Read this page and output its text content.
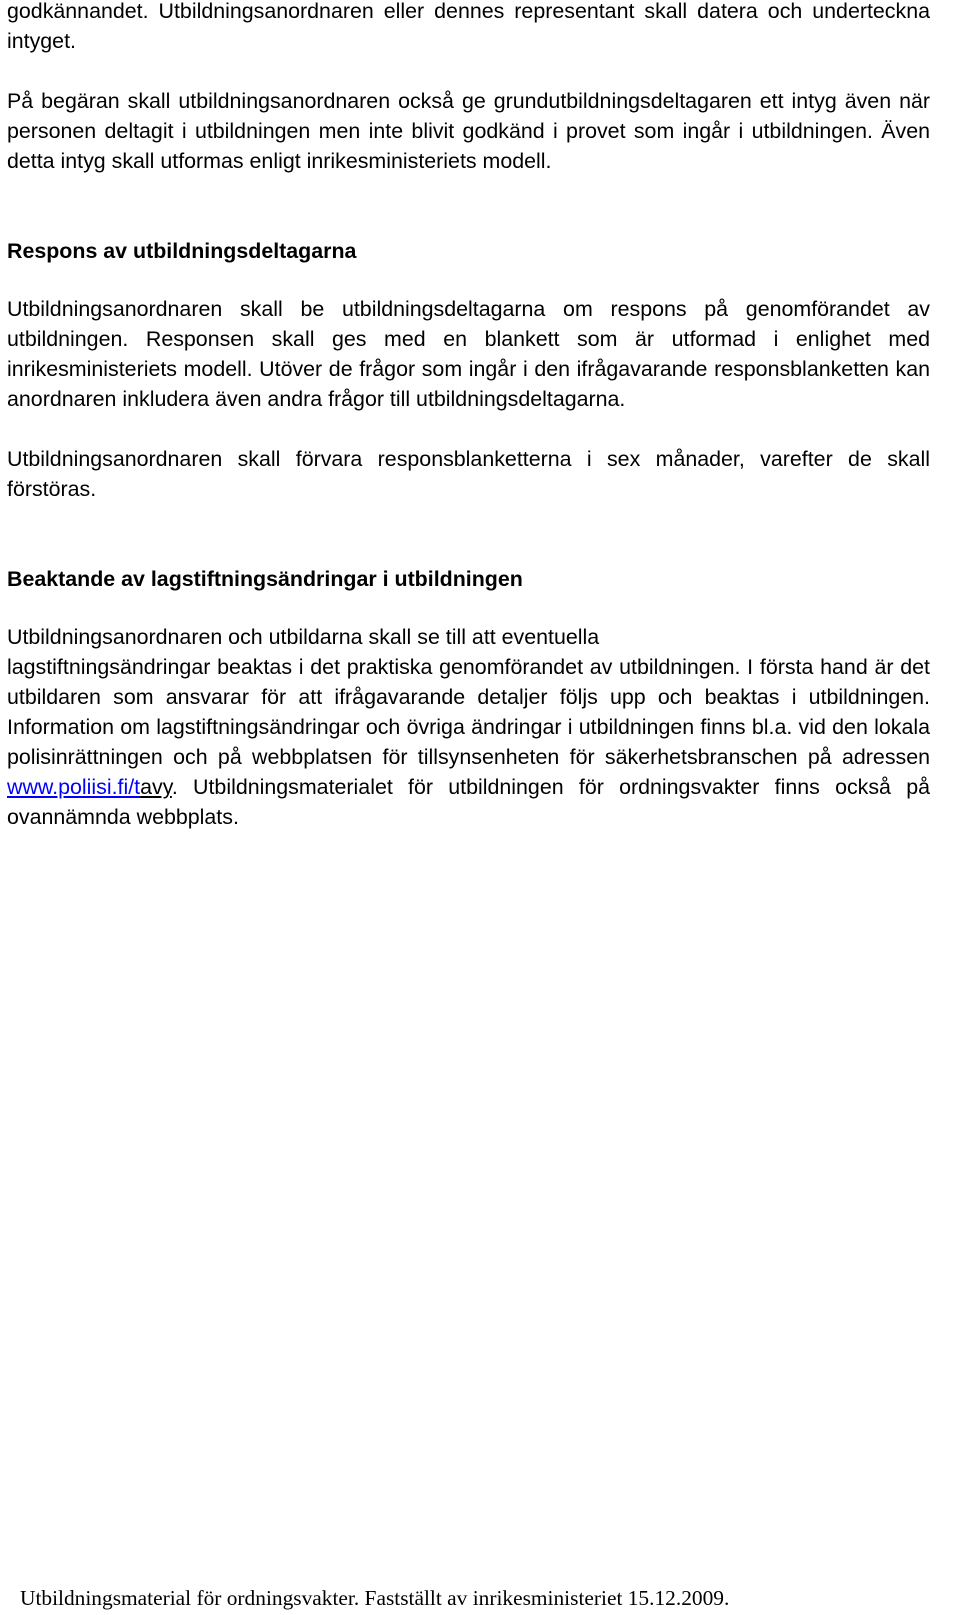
godkännandet. Utbildningsanordnaren eller dennes representant skall datera och underteckna intyget.

På begäran skall utbildningsanordnaren också ge grundutbildningsdeltagaren ett intyg även när personen deltagit i utbildningen men inte blivit godkänd i provet som ingår i utbildningen. Även detta intyg skall utformas enligt inrikesministeriets modell.

Respons av utbildningsdeltagarna

Utbildningsanordnaren skall be utbildningsdeltagarna om respons på genomförandet av utbildningen. Responsen skall ges med en blankett som är utformad i enlighet med inrikesministeriets modell. Utöver de frågor som ingår i den ifrågavarande responsblanketten kan anordnaren inkludera även andra frågor till utbildningsdeltagarna.

Utbildningsanordnaren skall förvara responsblanketterna i sex månader, varefter de skall förstöras.

Beaktande av lagstiftningsändringar i utbildningen

Utbildningsanordnaren och utbildarna skall se till att eventuella

lagstiftningsändringar beaktas i det praktiska genomförandet av utbildningen. I första hand är det utbildaren som ansvarar för att ifrågavarande detaljer följs upp och beaktas i utbildningen. Information om lagstiftningsändringar och övriga ändringar i utbildningen finns bl.a. vid den lokala polisinrättningen och på webbplatsen för tillsynsenheten för säkerhetsbranschen på adressen www.poliisi.fi/tavy. Utbildningsmaterialet för utbildningen för ordningsvakter finns också på ovannämnda webbplats.

Utbildningsmaterial för ordningsvakter. Fastställt av inrikesministeriet 15.12.2009.
